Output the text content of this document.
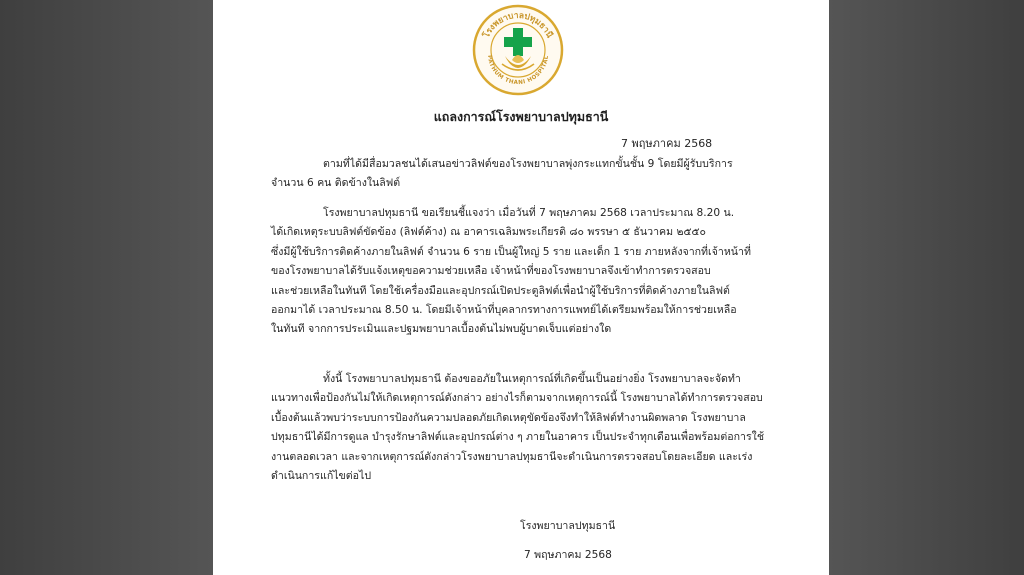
โรงพยาบาลปทุมธานี
PATHUM THANI HOSPITAL
แถลงการณ์โรงพยาบาลปทุมธานี
7 พฤษภาคม 2568
ตามที่ได้มีสื่อมวลชนได้เสนอข่าวลิฟต์ของโรงพยาบาลพุ่งกระแทกขั้นชั้น 9 โดยมีผู้รับบริการ
จำนวน 6 คน ติดข้างในลิฟต์
โรงพยาบาลปทุมธานี ขอเรียนชี้แจงว่า เมื่อวันที่ 7 พฤษภาคม 2568 เวลาประมาณ 8.20 น.
ได้เกิดเหตุระบบลิฟต์ขัดข้อง (ลิฟต์ค้าง) ณ อาคารเฉลิมพระเกียรติ ๘๐ พรรษา ๕ ธันวาคม ๒๕๕๐
ซึ่งมีผู้ใช้บริการติดค้างภายในลิฟต์ จำนวน 6 ราย เป็นผู้ใหญ่ 5 ราย และเด็ก 1 ราย ภายหลังจากที่เจ้าหน้าที่
ของโรงพยาบาลได้รับแจ้งเหตุขอความช่วยเหลือ เจ้าหน้าที่ของโรงพยาบาลจึงเข้าทำการตรวจสอบ
และช่วยเหลือในทันที โดยใช้เครื่องมือและอุปกรณ์เปิดประตูลิฟต์เพื่อนำผู้ใช้บริการที่ติดค้างภายในลิฟต์
ออกมาได้ เวลาประมาณ 8.50 น. โดยมีเจ้าหน้าที่บุคลากรทางการแพทย์ได้เตรียมพร้อมให้การช่วยเหลือ
ในทันที จากการประเมินและปฐมพยาบาลเบื้องต้นไม่พบผู้บาดเจ็บแต่อย่างใด
ทั้งนี้ โรงพยาบาลปทุมธานี ต้องขออภัยในเหตุการณ์ที่เกิดขึ้นเป็นอย่างยิ่ง โรงพยาบาลจะจัดทำ
แนวทางเพื่อป้องกันไม่ให้เกิดเหตุการณ์ดังกล่าว อย่างไรก็ตามจากเหตุการณ์นี้ โรงพยาบาลได้ทำการตรวจสอบ
เบื้องต้นแล้วพบว่าระบบการป้องกันความปลอดภัยเกิดเหตุขัดข้องจึงทำให้ลิฟต์ทำงานผิดพลาด โรงพยาบาล
ปทุมธานีได้มีการดูแล บำรุงรักษาลิฟต์และอุปกรณ์ต่าง ๆ ภายในอาคาร เป็นประจำทุกเดือนเพื่อพร้อมต่อการใช้
งานตลอดเวลา และจากเหตุการณ์ดังกล่าวโรงพยาบาลปทุมธานีจะดำเนินการตรวจสอบโดยละเอียด และเร่ง
ดำเนินการแก้ไขต่อไป
โรงพยาบาลปทุมธานี
7 พฤษภาคม 2568
